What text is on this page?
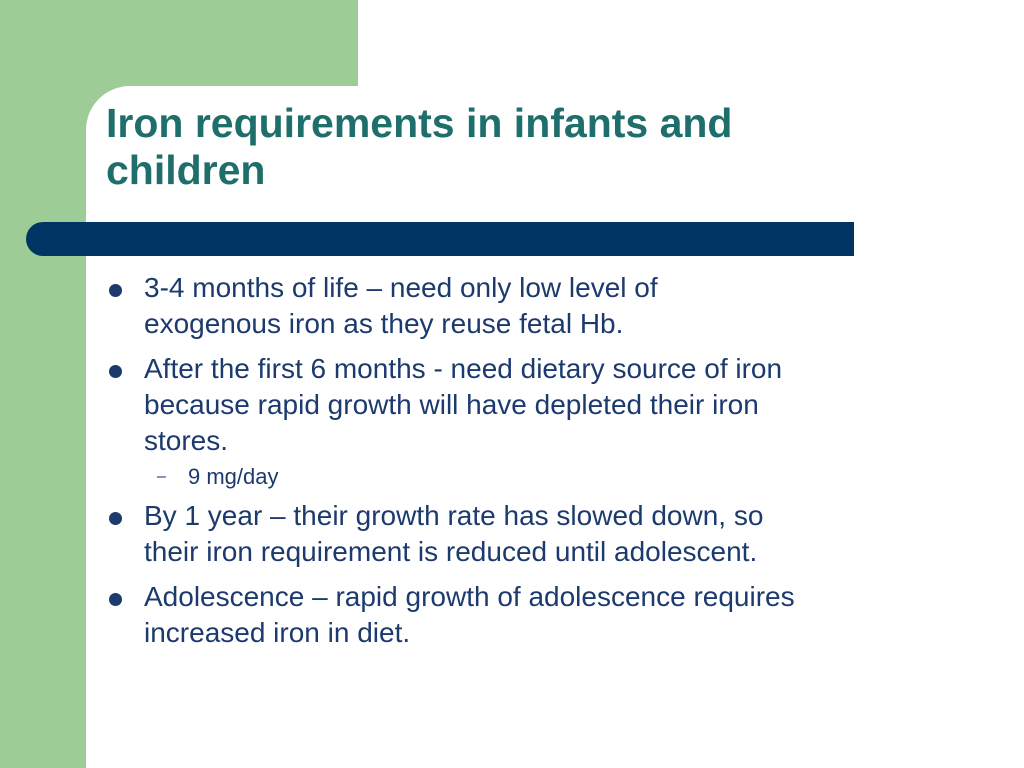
Iron requirements in infants and
children
3-4 months of life – need only low level of
exogenous iron as they reuse fetal Hb.
After the first 6 months - need dietary source of iron
because rapid growth will have depleted their iron
stores.
– 9 mg/day
By 1 year – their growth rate has slowed down, so
their iron requirement is reduced until adolescent.
Adolescence – rapid growth of adolescence requires
increased iron in diet.
